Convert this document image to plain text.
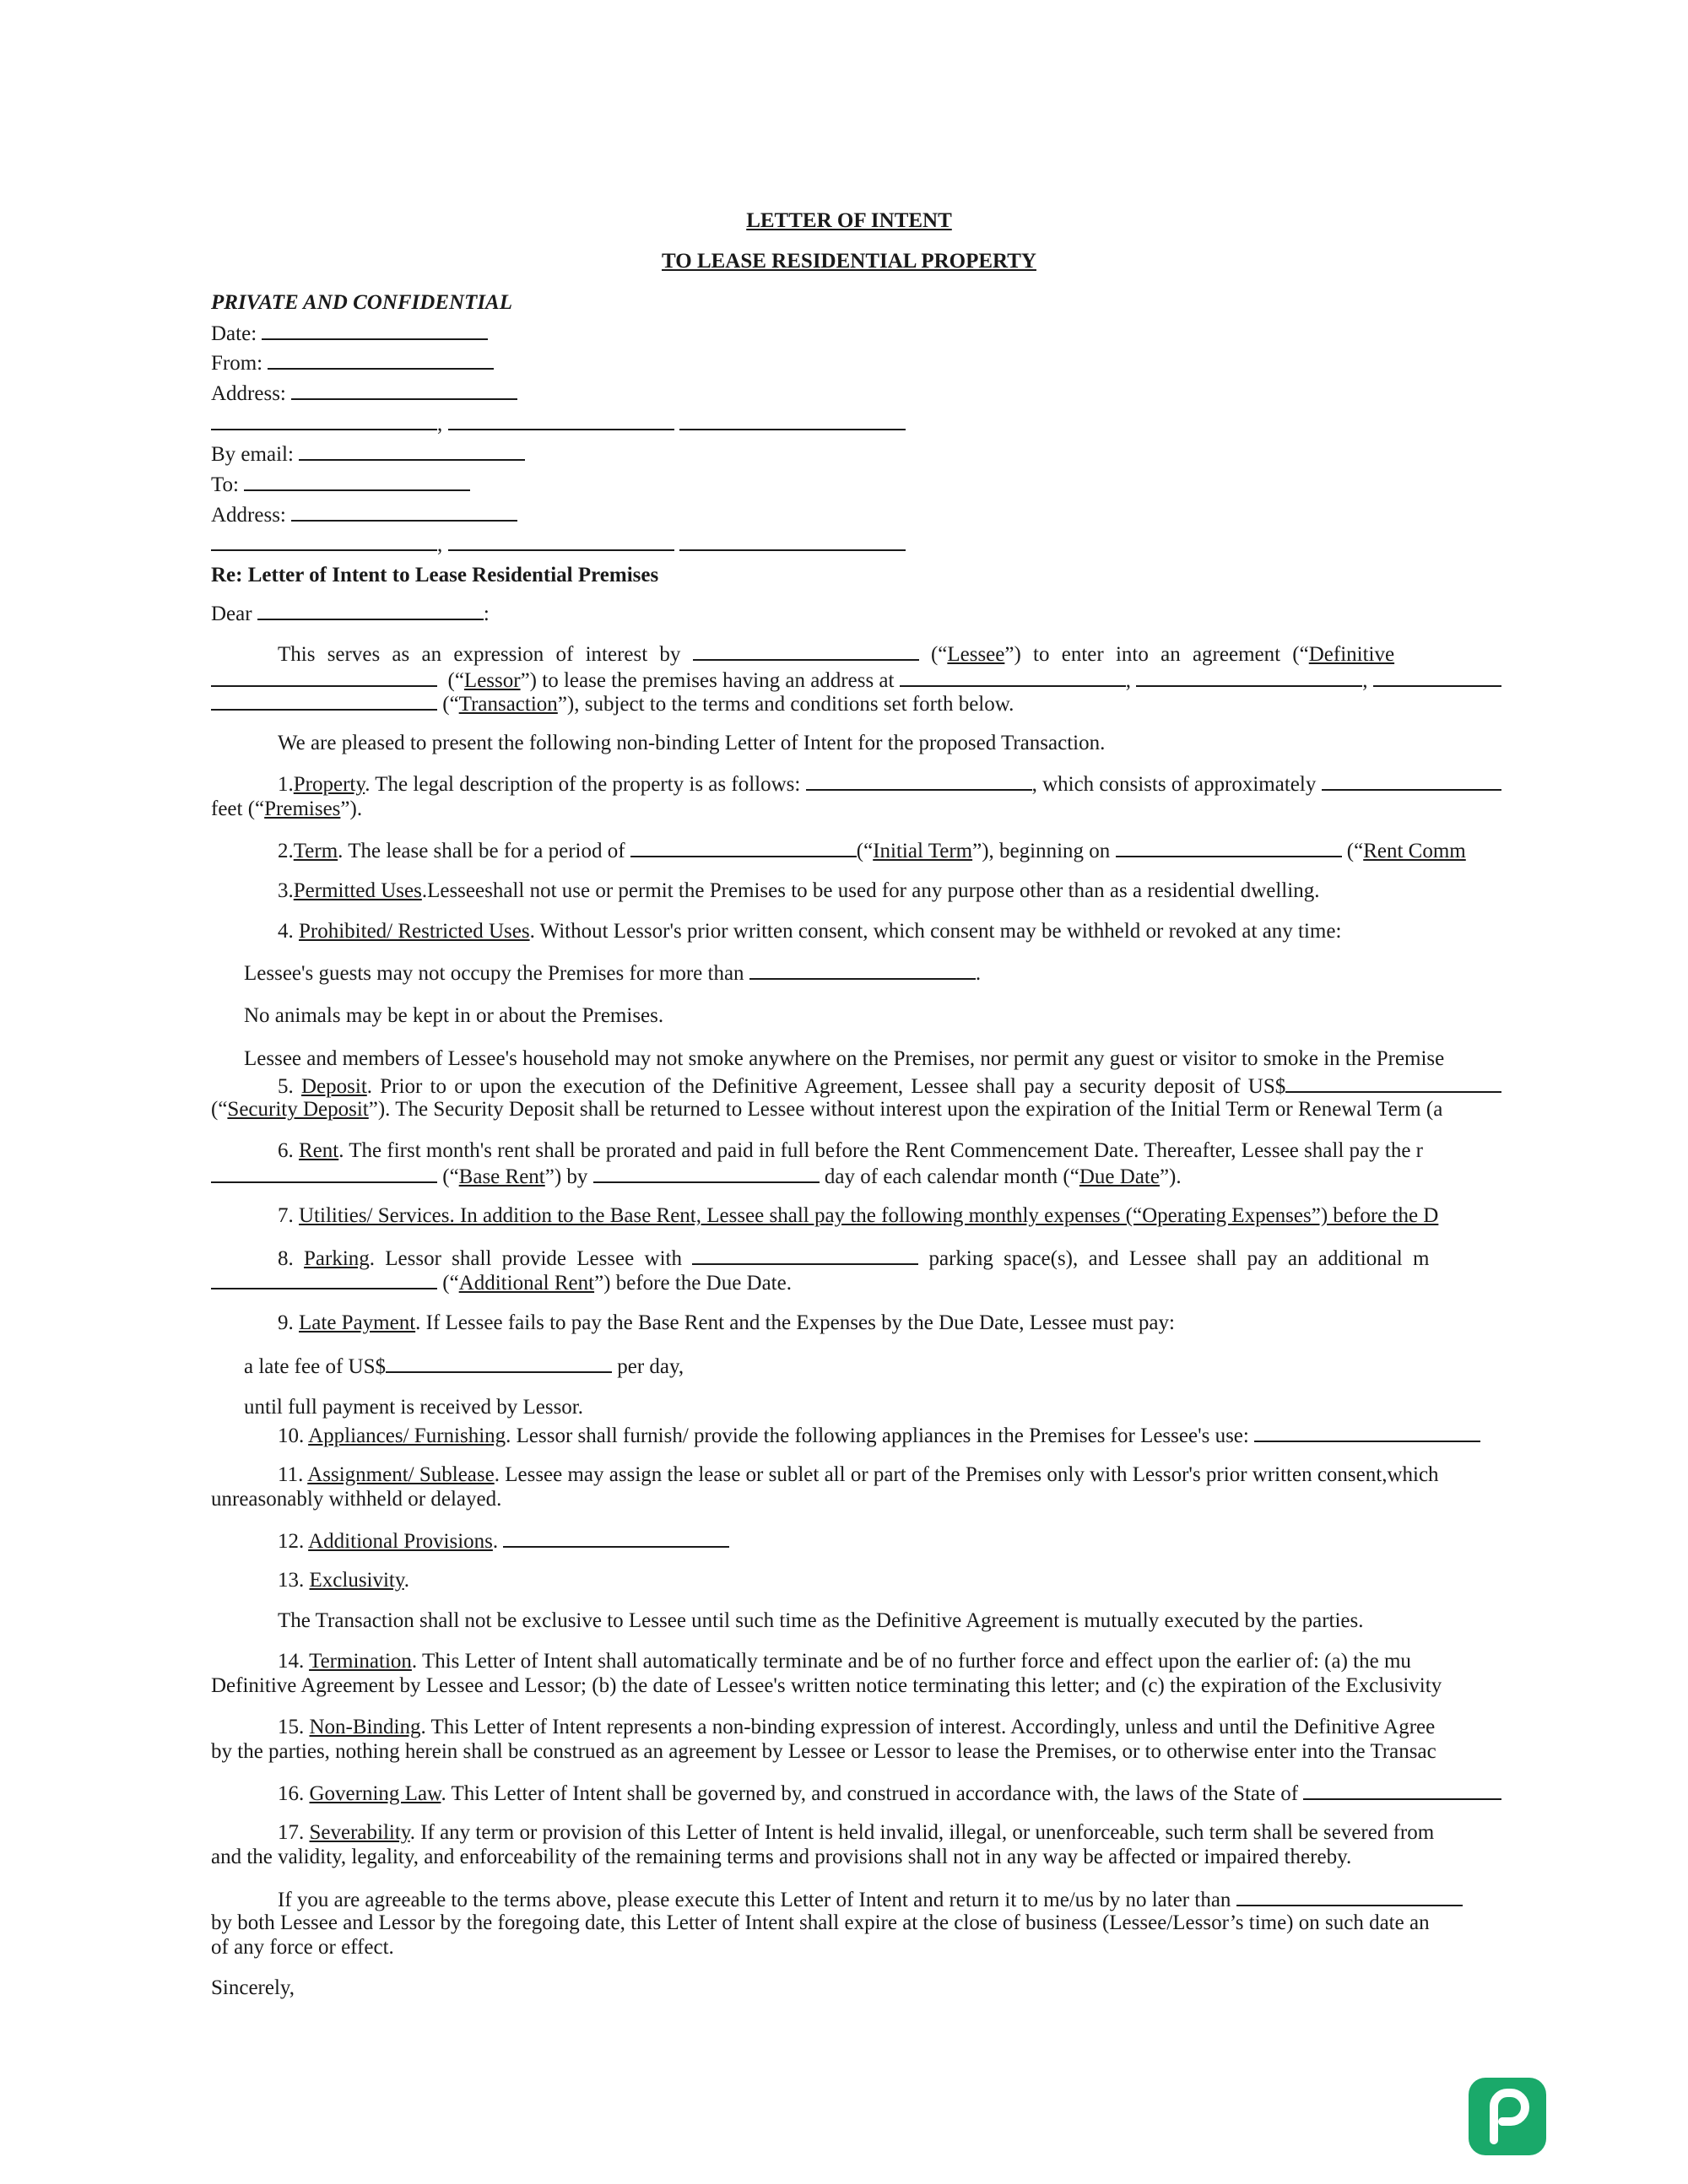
LETTER OF INTENT
TO LEASE RESIDENTIAL PROPERTY
PRIVATE AND CONFIDENTIAL
Date:
From:
Address:
,
By email:
To:
Address:
,
Re: Letter of Intent to Lease Residential Premises
Dear	:
This serves as an expression of interest by	(“Lessee”) to enter into an agreement (“Definitive
(“Lessor”) to lease the premises having an address at	,	,
(“Transaction”), subject to the terms and conditions set forth below.
We are pleased to present the following non-binding Letter of Intent for the proposed Transaction.
1.Property. The legal description of the property is as follows:	, which consists of approximately
feet (“Premises”).
2.Term. The lease shall be for a period of	(“Initial Term”), beginning on	(“Rent Comm
3.Permitted Uses.Lesseeshall not use or permit the Premises to be used for any purpose other than as a residential dwelling.
4. Prohibited/ Restricted Uses. Without Lessor's prior written consent, which consent may be withheld or revoked at any time:
Lessee's guests may not occupy the Premises for more than	.
No animals may be kept in or about the Premises.
Lessee and members of Lessee's household may not smoke anywhere on the Premises, nor permit any guest or visitor to smoke in the Premise
5. Deposit. Prior to or upon the execution of the Definitive Agreement, Lessee shall pay a security deposit of US$
(“Security Deposit”). The Security Deposit shall be returned to Lessee without interest upon the expiration of the Initial Term or Renewal Term (a
6. Rent. The first month's rent shall be prorated and paid in full before the Rent Commencement Date. Thereafter, Lessee shall pay the r
(“Base Rent”) by	day of each calendar month (“Due Date”).
7. Utilities/ Services. In addition to the Base Rent, Lessee shall pay the following monthly expenses (“Operating Expenses”) before the D
8. Parking. Lessor shall provide Lessee with	parking space(s), and Lessee shall pay an additional m
(“Additional Rent”) before the Due Date.
9. Late Payment. If Lessee fails to pay the Base Rent and the Expenses by the Due Date, Lessee must pay:
a late fee of US$	per day,
until full payment is received by Lessor.
10. Appliances/ Furnishing. Lessor shall furnish/ provide the following appliances in the Premises for Lessee's use:
11. Assignment/ Sublease. Lessee may assign the lease or sublet all or part of the Premises only with Lessor's prior written consent,which
unreasonably withheld or delayed.
12. Additional Provisions.
13. Exclusivity.
The Transaction shall not be exclusive to Lessee until such time as the Definitive Agreement is mutually executed by the parties.
14. Termination. This Letter of Intent shall automatically terminate and be of no further force and effect upon the earlier of: (a) the mu
Definitive Agreement by Lessee and Lessor; (b) the date of Lessee's written notice terminating this letter; and (c) the expiration of the Exclusivity
15. Non-Binding. This Letter of Intent represents a non-binding expression of interest. Accordingly, unless and until the Definitive Agree
by the parties, nothing herein shall be construed as an agreement by Lessee or Lessor to lease the Premises, or to otherwise enter into the Transac
16. Governing Law. This Letter of Intent shall be governed by, and construed in accordance with, the laws of the State of
17. Severability. If any term or provision of this Letter of Intent is held invalid, illegal, or unenforceable, such term shall be severed from
and the validity, legality, and enforceability of the remaining terms and provisions shall not in any way be affected or impaired thereby.
If you are agreeable to the terms above, please execute this Letter of Intent and return it to me/us by no later than
by both Lessee and Lessor by the foregoing date, this Letter of Intent shall expire at the close of business (Lessee/Lessor’s time) on such date an
of any force or effect.
Sincerely,
